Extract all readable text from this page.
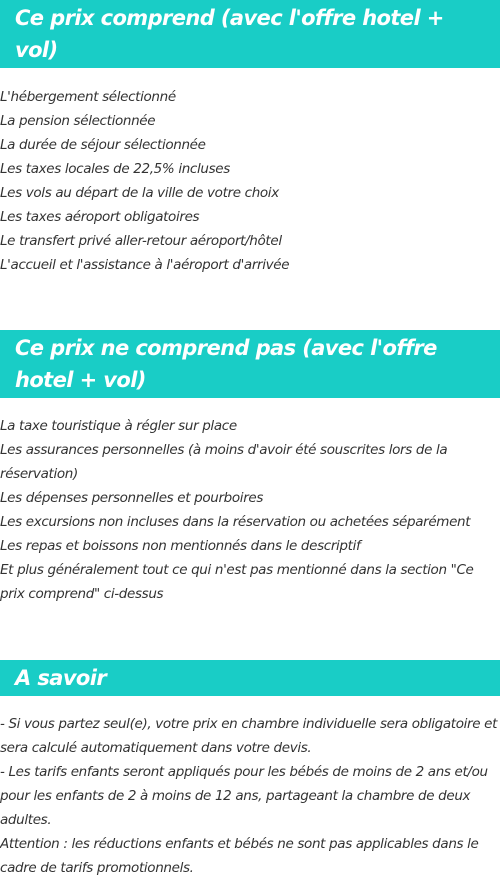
Ce prix comprend (avec l'offre hotel + vol)
L'hébergement sélectionné
La pension sélectionnée
La durée de séjour sélectionnée
Les taxes locales de 22,5% incluses
Les vols au départ de la ville de votre choix
Les taxes aéroport obligatoires
Le transfert privé aller-retour aéroport/hôtel
L'accueil et l'assistance à l'aéroport d'arrivée
Ce prix ne comprend pas (avec l'offre hotel + vol)
La taxe touristique à régler sur place
Les assurances personnelles (à moins d'avoir été souscrites lors de la réservation)
Les dépenses personnelles et pourboires
Les excursions non incluses dans la réservation ou achetées séparément
Les repas et boissons non mentionnés dans le descriptif
Et plus généralement tout ce qui n'est pas mentionné dans la section "Ce prix comprend" ci-dessus
A savoir
- Si vous partez seul(e), votre prix en chambre individuelle sera obligatoire et sera calculé automatiquement dans votre devis.
- Les tarifs enfants seront appliqués pour les bébés de moins de 2 ans et/ou pour les enfants de 2 à moins de 12 ans, partageant la chambre de deux adultes.
Attention : les réductions enfants et bébés ne sont pas applicables dans le cadre de tarifs promotionnels.
